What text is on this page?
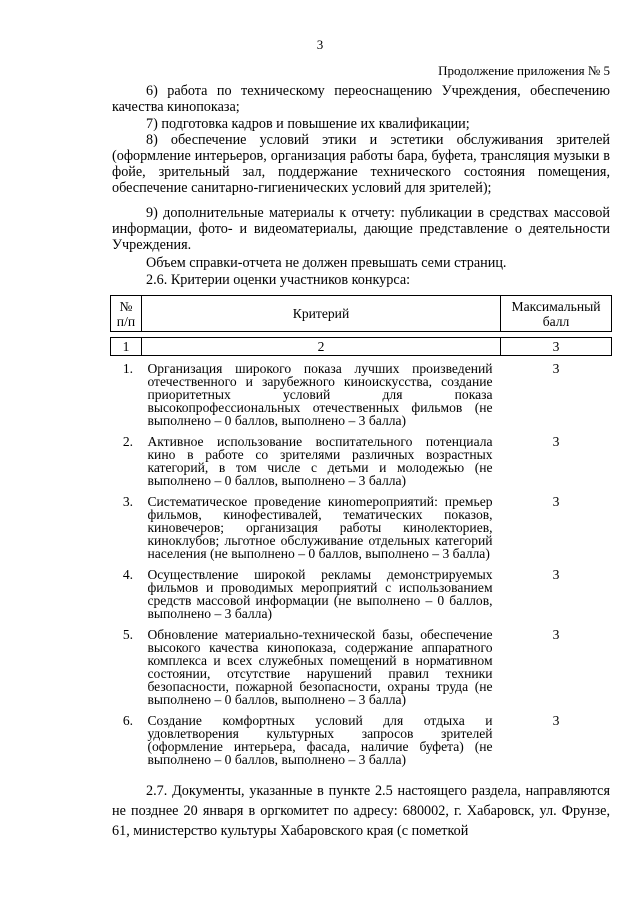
3
Продолжение приложения № 5

6) работа по техническому переоснащению Учреждения, обеспечению качества кинопоказа;

7) подготовка кадров и повышение их квалификации;

8) обеспечение условий этики и эстетики обслуживания зрителей (оформление интерьеров, организация работы бара, буфета, трансляция музыки в фойе, зрительный зал, поддержание технического состояния помещения, обеспечение санитарно-гигиенических условий для зрителей);

9) дополнительные материалы к отчету: публикации в средствах массовой информации, фото- и видеоматериалы, дающие представление о деятельности Учреждения.

Объем справки-отчета не должен превышать семи страниц.

2.6. Критерии оценки участников конкурса:

№ п/п	Критерий	Максимальный балл

1	2	3

1.	Организация широкого показа лучших произведений отечественного и зарубежного киноискусства, создание приоритетных условий для показа высокопрофессиональных отечественных фильмов (не выполнено – 0 баллов, выполнено – 3 балла)	3
2.	Активное использование воспитательного потенциала кино в работе со зрителями различных возрастных категорий, в том числе с детьми и молодежью (не выполнено – 0 баллов, выполнено – 3 балла)	3
3.	Систематическое проведение кинomероприятий: премьер фильмов, кинофестивалей, тематических показов, киновечеров; организация работы кинолекториев, киноклубов; льготное обслуживание отдельных категорий населения (не выполнено – 0 баллов, выполнено – 3 балла)	3
4.	Осуществление широкой рекламы демонстрируемых фильмов и проводимых мероприятий с использованием средств массовой информации (не выполнено – 0 баллов, выполнено – 3 балла)	3
5.	Обновление материально-технической базы, обеспечение высокого качества кинопоказа, содержание аппаратного комплекса и всех служебных помещений в нормативном состоянии, отсутствие нарушений правил техники безопасности, пожарной безопасности, охраны труда (не выполнено – 0 баллов, выполнено – 3 балла)	3
6.	Создание комфортных условий для отдыха и удовлетворения культурных запросов зрителей (оформление интерьера, фасада, наличие буфета) (не выполнено – 0 баллов, выполнено – 3 балла)	3

2.7. Документы, указанные в пункте 2.5 настоящего раздела, направляются не позднее 20 января в оргкомитет по адресу: 680002, г. Хабаровск, ул. Фрунзе, 61, министерство культуры Хабаровского края (с пометкой
